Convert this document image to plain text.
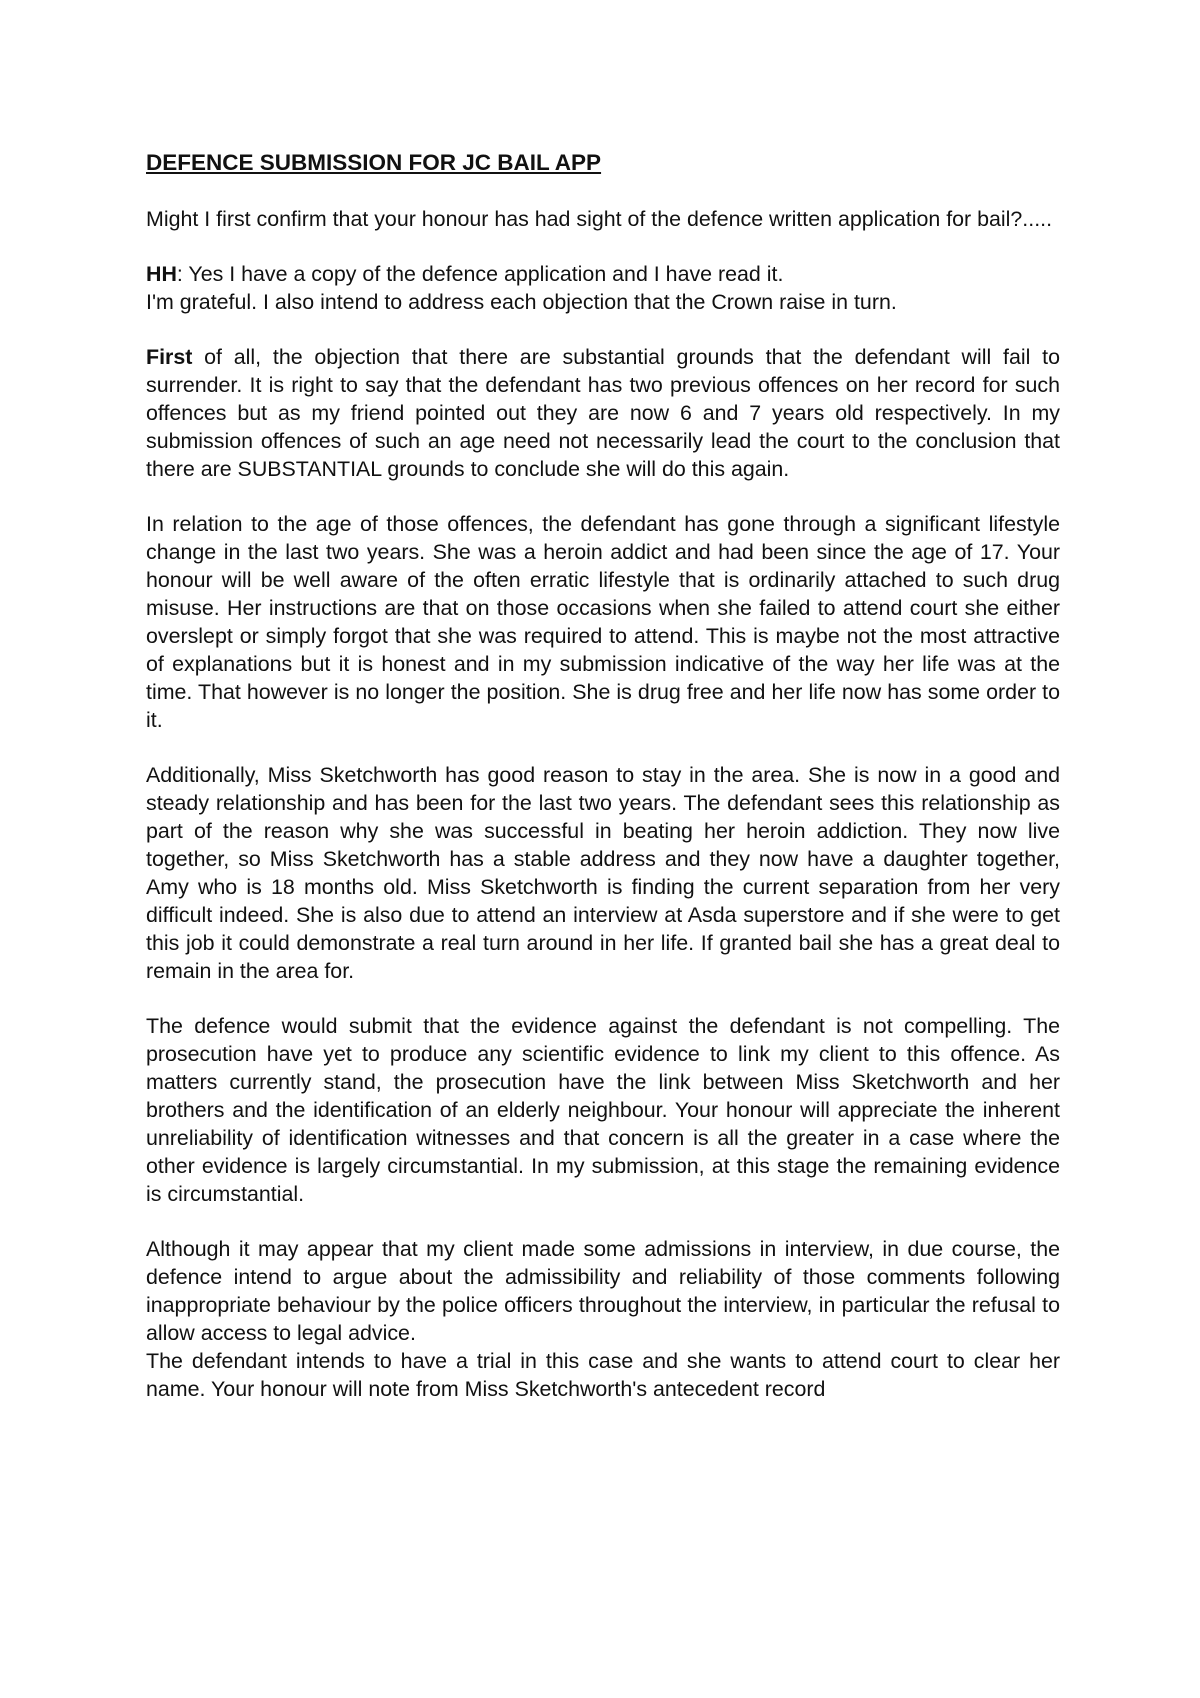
DEFENCE SUBMISSION FOR JC BAIL APP

Might I first confirm that your honour has had sight of the defence written application for bail?.....

HH: Yes I have a copy of the defence application and I have read it.
I'm grateful. I also intend to address each objection that the Crown raise in turn.

First of all, the objection that there are substantial grounds that the defendant will fail to surrender. It is right to say that the defendant has two previous offences on her record for such offences but as my friend pointed out they are now 6 and 7 years old respectively. In my submission offences of such an age need not necessarily lead the court to the conclusion that there are SUBSTANTIAL grounds to conclude she will do this again.

In relation to the age of those offences, the defendant has gone through a significant lifestyle change in the last two years. She was a heroin addict and had been since the age of 17. Your honour will be well aware of the often erratic lifestyle that is ordinarily attached to such drug misuse. Her instructions are that on those occasions when she failed to attend court she either overslept or simply forgot that she was required to attend. This is maybe not the most attractive of explanations but it is honest and in my submission indicative of the way her life was at the time. That however is no longer the position. She is drug free and her life now has some order to it.

Additionally, Miss Sketchworth has good reason to stay in the area. She is now in a good and steady relationship and has been for the last two years. The defendant sees this relationship as part of the reason why she was successful in beating her heroin addiction. They now live together, so Miss Sketchworth has a stable address and they now have a daughter together, Amy who is 18 months old. Miss Sketchworth is finding the current separation from her very difficult indeed. She is also due to attend an interview at Asda superstore and if she were to get this job it could demonstrate a real turn around in her life. If granted bail she has a great deal to remain in the area for.

The defence would submit that the evidence against the defendant is not compelling. The prosecution have yet to produce any scientific evidence to link my client to this offence. As matters currently stand, the prosecution have the link between Miss Sketchworth and her brothers and the identification of an elderly neighbour. Your honour will appreciate the inherent unreliability of identification witnesses and that concern is all the greater in a case where the other evidence is largely circumstantial. In my submission, at this stage the remaining evidence is circumstantial.

Although it may appear that my client made some admissions in interview, in due course, the defence intend to argue about the admissibility and reliability of those comments following inappropriate behaviour by the police officers throughout the interview, in particular the refusal to allow access to legal advice.

The defendant intends to have a trial in this case and she wants to attend court to clear her name. Your honour will note from Miss Sketchworth's antecedent record
